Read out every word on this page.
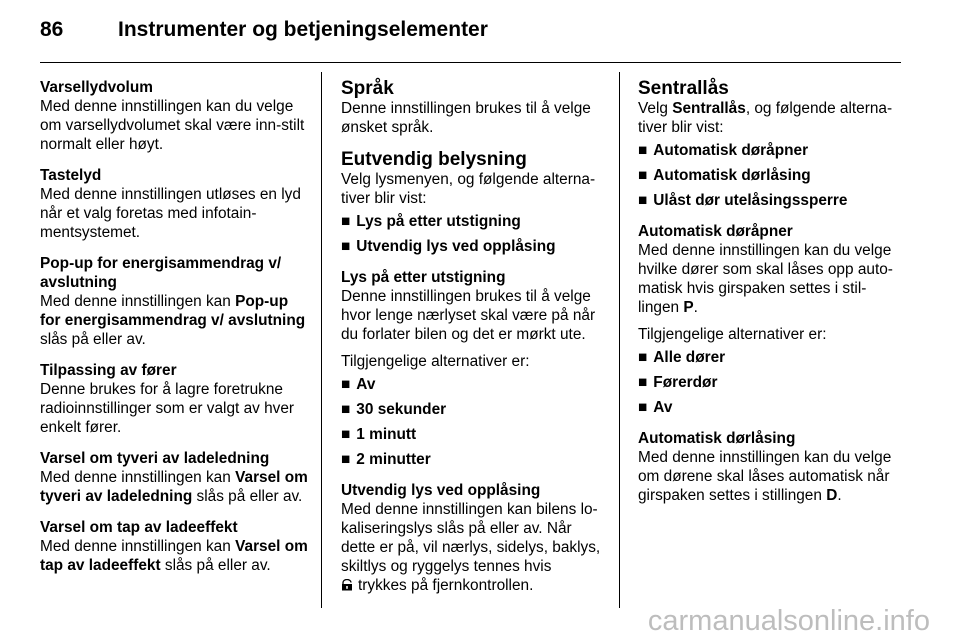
86	Instrumenter og betjeningselementer

Varsellydvolum

Med denne innstillingen kan du velge om varsellydvolumet skal være inn-stilt normalt eller høyt.

Tastelyd

Med denne innstillingen utløses en lyd når et valg foretas med infotain-mentsystemet.

Pop-up for energisammendrag v/ avslutning

Med denne innstillingen kan Pop-up for energisammendrag v/ avslutning slås på eller av.

Tilpassing av fører

Denne brukes for å lagre foretrukne radioinnstillinger som er valgt av hver enkelt fører.

Varsel om tyveri av ladeledning

Med denne innstillingen kan Varsel om tyveri av ladeledning slås på eller av.

Varsel om tap av ladeeffekt

Med denne innstillingen kan Varsel om tap av ladeeffekt slås på eller av.

Språk

Denne innstillingen brukes til å velge ønsket språk.

Eutvendig belysning

Velg lysmenyen, og følgende alterna-tiver blir vist:

■ Lys på etter utstigning
■ Utvendig lys ved opplåsing

Lys på etter utstigning

Denne innstillingen brukes til å velge hvor lenge nærlyset skal være på når du forlater bilen og det er mørkt ute.

Tilgjengelige alternativer er:

■ Av
■ 30 sekunder
■ 1 minutt
■ 2 minutter

Utvendig lys ved opplåsing

Med denne innstillingen kan bilens lo-kaliseringslys slås på eller av. Når dette er på, vil nærlys, sidelys, baklys, skiltlys og ryggelys tennes hvis
trykkes på fjernkontrollen.

Sentrallås

Velg Sentrallås, og følgende alterna-tiver blir vist:

■ Automatisk døråpner
■ Automatisk dørlåsing
■ Ulåst dør utelåsingssperre

Automatisk døråpner

Med denne innstillingen kan du velge hvilke dører som skal låses opp auto-matisk hvis girspaken settes i stil-lingen P.

Tilgjengelige alternativer er:

■ Alle dører
■ Førerdør
■ Av

Automatisk dørlåsing

Med denne innstillingen kan du velge om dørene skal låses automatisk når girspaken settes i stillingen D.

carmanualsonline.info
